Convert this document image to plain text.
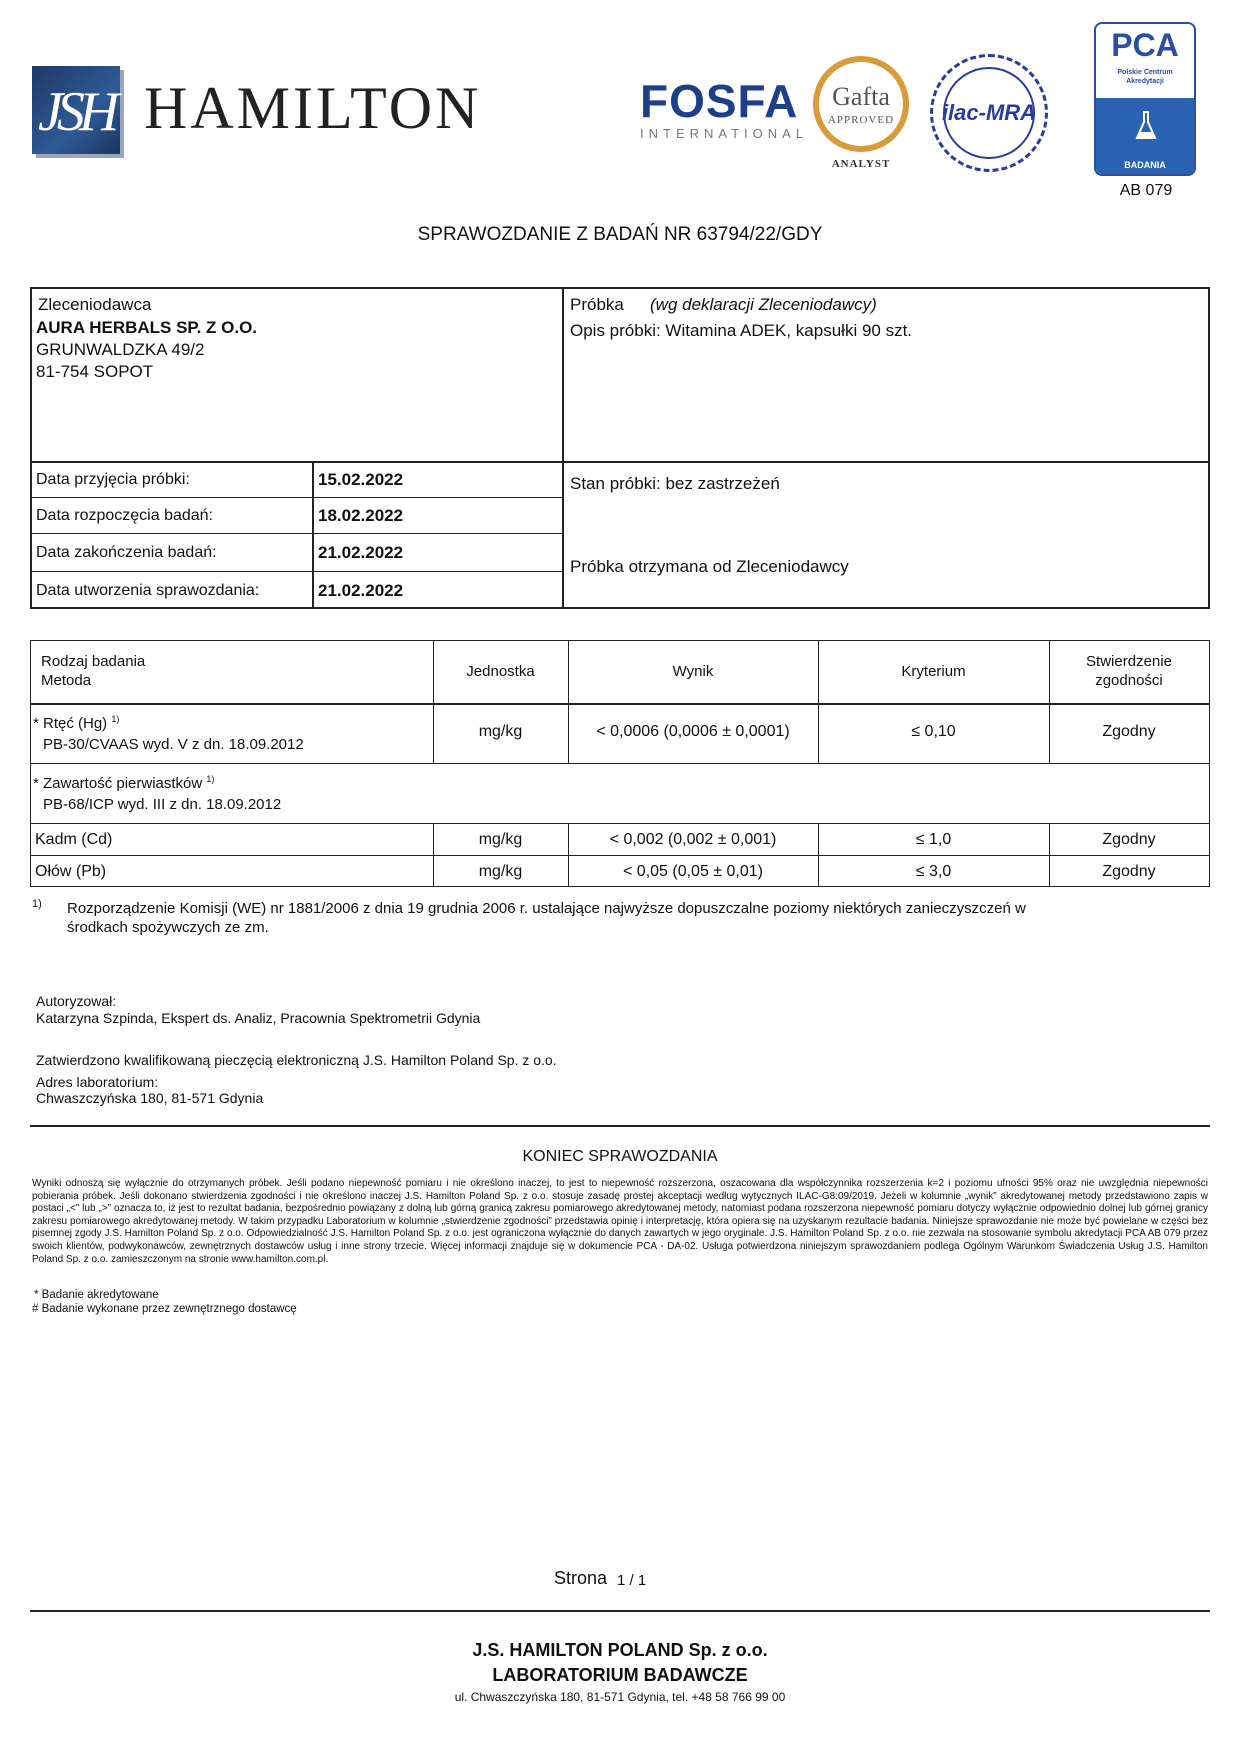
JSH HAMILTON	FOSFA
INTERNATIONAL
Gafta
APPROVED
ANALYST
ilac-MRA
PCA
Polskie Centrum
Akredytacji
BADANIA
AB 079
SPRAWOZDANIE Z BADAŃ NR 63794/22/GDY
Zleceniodawca
AURA HERBALS SP. Z O.O.
GRUNWALDZKA 49/2
81-754 SOPOT
Próbka (wg deklaracji Zleceniodawcy)
Opis próbki: Witamina ADEK, kapsułki 90 szt.
Stan próbki: bez zastrzeżeń
Próbka otrzymana od Zleceniodawcy
Data przyjęcia próbki:	15.02.2022
Data rozpoczęcia badań:	18.02.2022
Data zakończenia badań:	21.02.2022
Data utworzenia sprawozdania:	21.02.2022
Rodzaj badania
Metoda
Jednostka	Wynik	Kryterium
Stwierdzenie
zgodności
* Rtęć (Hg) $^{1)}$
PB-30/CVAAS wyd. V z dn. 18.09.2012
mg/kg	< 0,0006 (0,0006 ± 0,0001)	≤ 0,10	Zgodny
* Zawartość pierwiastków $^{1)}$
PB-68/ICP wyd. III z dn. 18.09.2012
Kadm (Cd)	mg/kg	< 0,002 (0,002 ± 0,001)	≤ 1,0	Zgodny
Ołów (Pb)	mg/kg	< 0,05 (0,05 ± 0,01)	≤ 3,0	Zgodny
1) Rozporządzenie Komisji (WE) nr 1881/2006 z dnia 19 grudnia 2006 r. ustalające najwyższe dopuszczalne poziomy niektórych zanieczyszczeń w
środkach spożywczych ze zm.
Autoryzował:
Katarzyna Szpinda, Ekspert ds. Analiz, Pracownia Spektrometrii Gdynia
Zatwierdzono kwalifikowaną pieczęcią elektroniczną J.S. Hamilton Poland Sp. z o.o.
Adres laboratorium:
Chwaszczyńska 180, 81-571 Gdynia
KONIEC SPRAWOZDANIA
Wyniki odnoszą się wyłącznie do otrzymanych próbek. Jeśli podano niepewność pomiaru i nie określono inaczej, to jest to niepewność rozszerzona, oszacowana dla współczynnika rozszerzenia k=2 i poziomu ufności 95% oraz nie uwzględnia niepewności pobierania próbek. Jeśli dokonano stwierdzenia zgodności i nie określono inaczej J.S. Hamilton Poland Sp. z o.o. stosuje zasadę prostej akceptacji według wytycznych ILAC-G8:09/2019. Jeżeli w kolumnie „wynik” akredytowanej metody przedstawiono zapis w postaci „<” lub „>” oznacza to, iż jest to rezultat badania, bezpośrednio powiązany z dolną lub górną granicą zakresu pomiarowego akredytowanej metody, natomiast podana rozszerzona niepewność pomiaru dotyczy wyłącznie odpowiednio dolnej lub górnej granicy zakresu pomiarowego akredytowanej metody. W takim przypadku Laboratorium w kolumnie „stwierdzenie zgodności” przedstawia opinię i interpretację, która opiera się na uzyskanym rezultacie badania. Niniejsze sprawozdanie nie może być powielane w części bez pisemnej zgody J.S. Hamilton Poland Sp. z o.o. Odpowiedzialność J.S. Hamilton Poland Sp. z o.o. jest ograniczona wyłącznie do danych zawartych w jego oryginale. J.S. Hamilton Poland Sp. z o.o. nie zezwala na stosowanie symbolu akredytacji PCA AB 079 przez swoich klientów, podwykonawców, zewnętrznych dostawców usług i inne strony trzecie. Więcej informacji znajduje się w dokumencie PCA - DA-02. Usługa potwierdzona niniejszym sprawozdaniem podlega Ogólnym Warunkom Świadczenia Usług J.S. Hamilton Poland Sp. z o.o. zamieszczonym na stronie www.hamilton.com.pl.
* Badanie akredytowane
# Badanie wykonane przez zewnętrznego dostawcę
Strona 1 / 1
J.S. HAMILTON POLAND Sp. z o.o.
LABORATORIUM BADAWCZE
ul. Chwaszczyńska 180, 81-571 Gdynia, tel. +48 58 766 99 00
